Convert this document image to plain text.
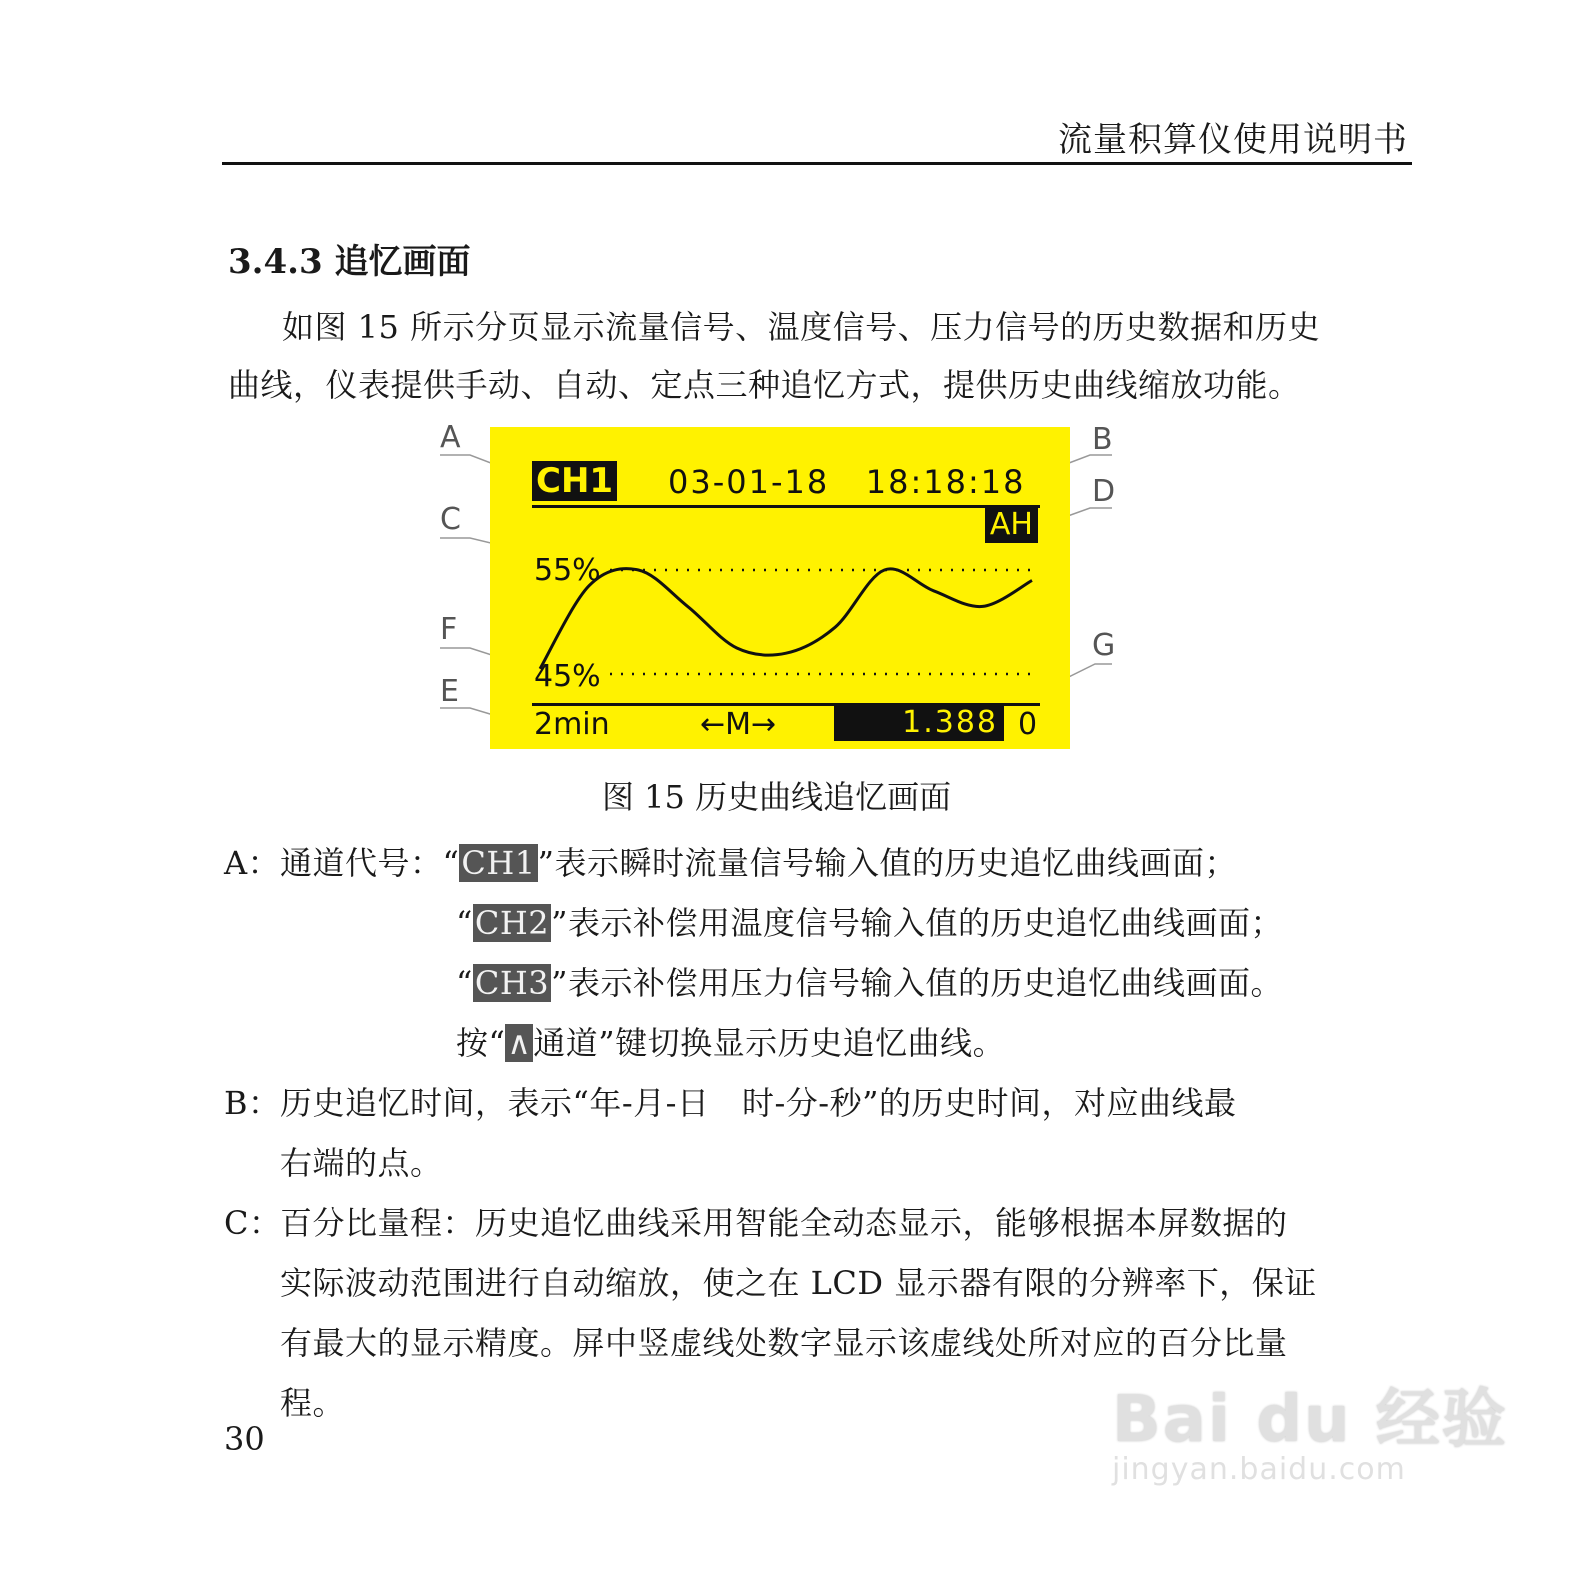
流量积算仪使用说明书
3.4.3 追忆画面
如图 15 所示分页显示流量信号、温度信号、压力信号的历史数据和历史
曲线，仪表提供手动、自动、定点三种追忆方式，提供历史曲线缩放功能。
A	B
C
D
F
E
G
CH1 03-01-18 18:18:18
AH
55%
45%
2min	←M→	1.388 0
图 15 历史曲线追忆画面
A： 通道代号：“CH1”表示瞬时流量信号输入值的历史追忆曲线画面；
“CH2”表示补偿用温度信号输入值的历史追忆曲线画面；
“CH3”表示补偿用压力信号输入值的历史追忆曲线画面。
按“∧通道”键切换显示历史追忆曲线。
B： 历史追忆时间，表示“年-月-日　时-分-秒”的历史时间，对应曲线最
右端的点。
C：
百分比量程：历史追忆曲线采用智能全动态显示，能够根据本屏数据的
实际波动范围进行自动缩放，使之在 LCD 显示器有限的分辨率下，保证
有最大的显示精度。屏中竖虚线处数字显示该虚线处所对应的百分比量
程。
30	Bai du 经验
jingyan.baidu.com
